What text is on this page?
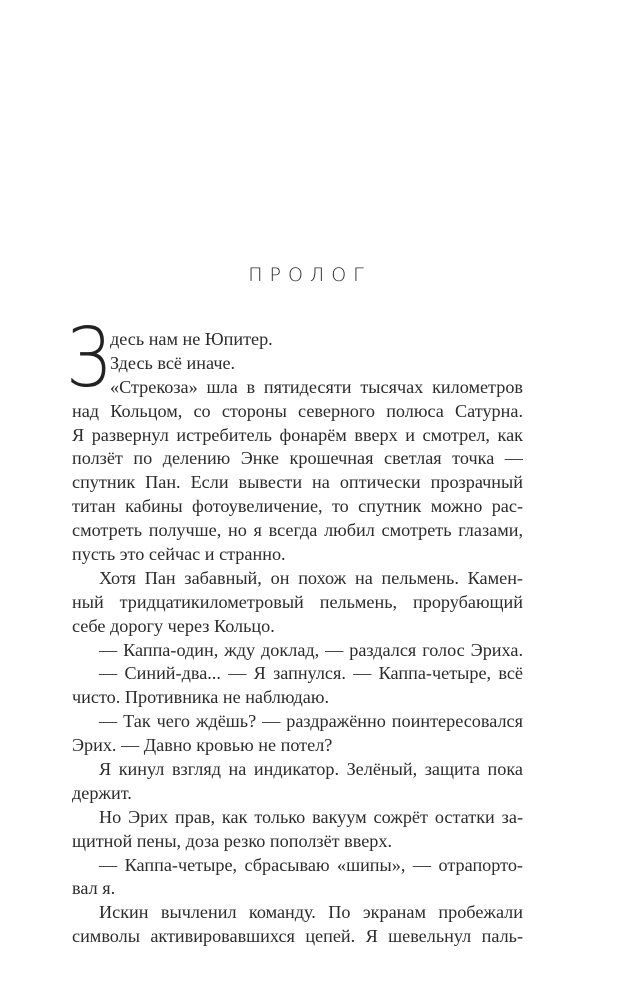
ПРОЛОГ
З десь нам не Юпитер.
Здесь всё иначе.
«Стрекоза» шла в пятидесяти тысячах километров
над Кольцом, со стороны северного полюса Сатурна.
Я развернул истребитель фонарём вверх и смотрел, как
ползёт по делению Энке крошечная светлая точка —
спутник Пан. Если вывести на оптически прозрачный
титан кабины фотоувеличение, то спутник можно рас-
смотреть получше, но я всегда любил смотреть глазами,
пусть это сейчас и странно.
Хотя Пан забавный, он похож на пельмень. Камен-
ный тридцатикилометровый пельмень, прорубающий
себе дорогу через Кольцо.
— Каппа-один, жду доклад, — раздался голос Эриха.
— Синий-два... — Я запнулся. — Каппа-четыре, всё
чисто. Противника не наблюдаю.
— Так чего ждёшь? — раздражённо поинтересовался
Эрих. — Давно кровью не потел?
Я кинул взгляд на индикатор. Зелёный, защита пока
держит.
Но Эрих прав, как только вакуум сожрёт остатки за-
щитной пены, доза резко поползёт вверх.
— Каппа-четыре, сбрасываю «шипы», — отрапорто-
вал я.
Искин вычленил команду. По экранам пробежали
символы активировавшихся цепей. Я шевельнул паль-
